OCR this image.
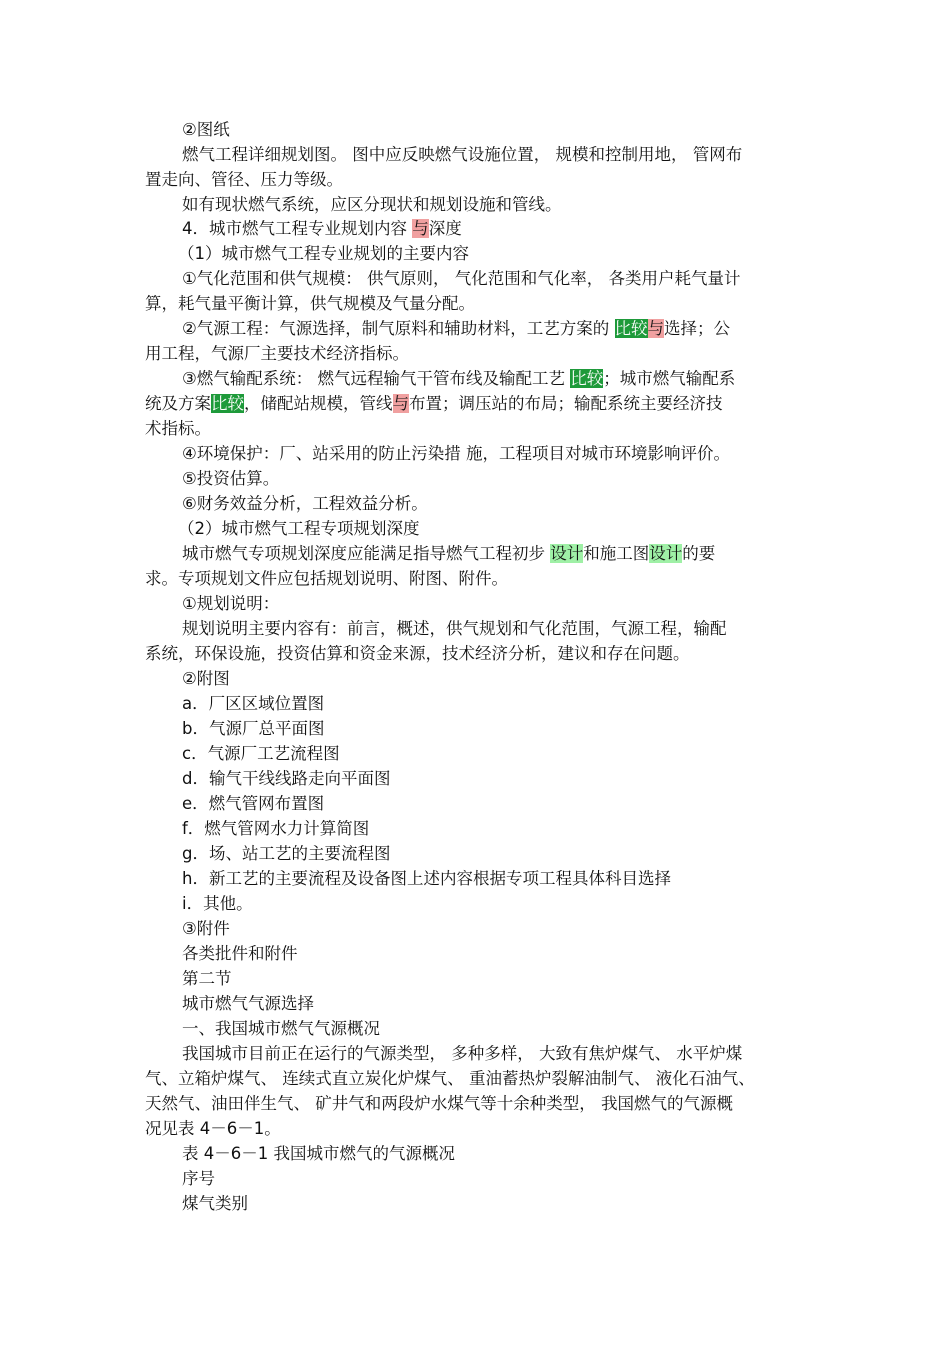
②图纸
燃气工程详细规划图。 图中应反映燃气设施位置， 规模和控制用地， 管网布
置走向、管径、压力等级。
如有现状燃气系统，应区分现状和规划设施和管线。
4．城市燃气工程专业规划内容 与深度
（1）城市燃气工程专业规划的主要内容
①气化范围和供气规模： 供气原则， 气化范围和气化率， 各类用户耗气量计
算，耗气量平衡计算，供气规模及气量分配。
②气源工程：气源选择，制气原料和辅助材料，工艺方案的 比较与选择；公
用工程，气源厂主要技术经济指标。
③燃气输配系统： 燃气远程输气干管布线及输配工艺 比较；城市燃气输配系
统及方案比较，储配站规模，管线与布置；调压站的布局；输配系统主要经济技
术指标。
④环境保护：厂、站采用的防止污染措 施，工程项目对城市环境影响评价。
⑤投资估算。
⑥财务效益分析，工程效益分析。
（2）城市燃气工程专项规划深度
城市燃气专项规划深度应能满足指导燃气工程初步 设计和施工图设计的要
求。专项规划文件应包括规划说明、附图、附件。
①规划说明：
规划说明主要内容有：前言，概述，供气规划和气化范围，气源工程，输配
系统，环保设施，投资估算和资金来源，技术经济分析，建议和存在问题。
②附图
a．厂区区域位置图
b．气源厂总平面图
c．气源厂工艺流程图
d．输气干线线路走向平面图
e．燃气管网布置图
f．燃气管网水力计算简图
g．场、站工艺的主要流程图
h．新工艺的主要流程及设备图上述内容根据专项工程具体科目选择
i．其他。
③附件
各类批件和附件
第二节
城市燃气气源选择
一、我国城市燃气气源概况
我国城市目前正在运行的气源类型， 多种多样， 大致有焦炉煤气、 水平炉煤
气、立箱炉煤气、 连续式直立炭化炉煤气、 重油蓄热炉裂解油制气、 液化石油气、
天然气、油田伴生气、 矿井气和两段炉水煤气等十余种类型， 我国燃气的气源概
况见表 4－6－1。
表 4－6－1 我国城市燃气的气源概况
序号
煤气类别
